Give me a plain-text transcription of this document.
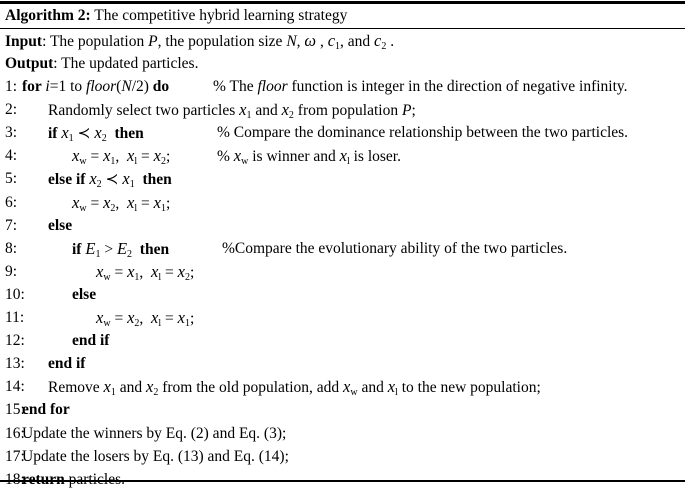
Algorithm 2: The competitive hybrid learning strategy
Input: The population P, the population size N, ω , $c_1$, and $c_2$ .
Output: The updated particles.
1: for i=1 to floor(N/2) do	% The floor function is integer in the direction of negative infinity.
2: Randomly select two particles $x_1$ and $x_2$ from population P;
3: if $x_1$ ≺ $x_2$ then	% Compare the dominance relationship between the two particles.
4:	$x_w = x_1$,  $x_l = x_2$;	% $x_w$ is winner and $x_l$ is loser.
5: else if $x_2$ ≺ $x_1$ then
6:	$x_w = x_2$,  $x_l = x_1$;
7: else
8:	if $E_1 > E_2$ then	%Compare the evolutionary ability of the two particles.
9:	$x_w = x_1$,  $x_l = x_2$;
10:	else
11:	$x_w = x_2$,  $x_l = x_1$;
12:	end if
13: end if
14: Remove $x_1$ and $x_2$ from the old population, add $x_w$ and $x_l$ to the new population;
15:
end for
16:
Update the winners by Eq. (2) and Eq. (3);
17:
Update the losers by Eq. (13) and Eq. (14);
